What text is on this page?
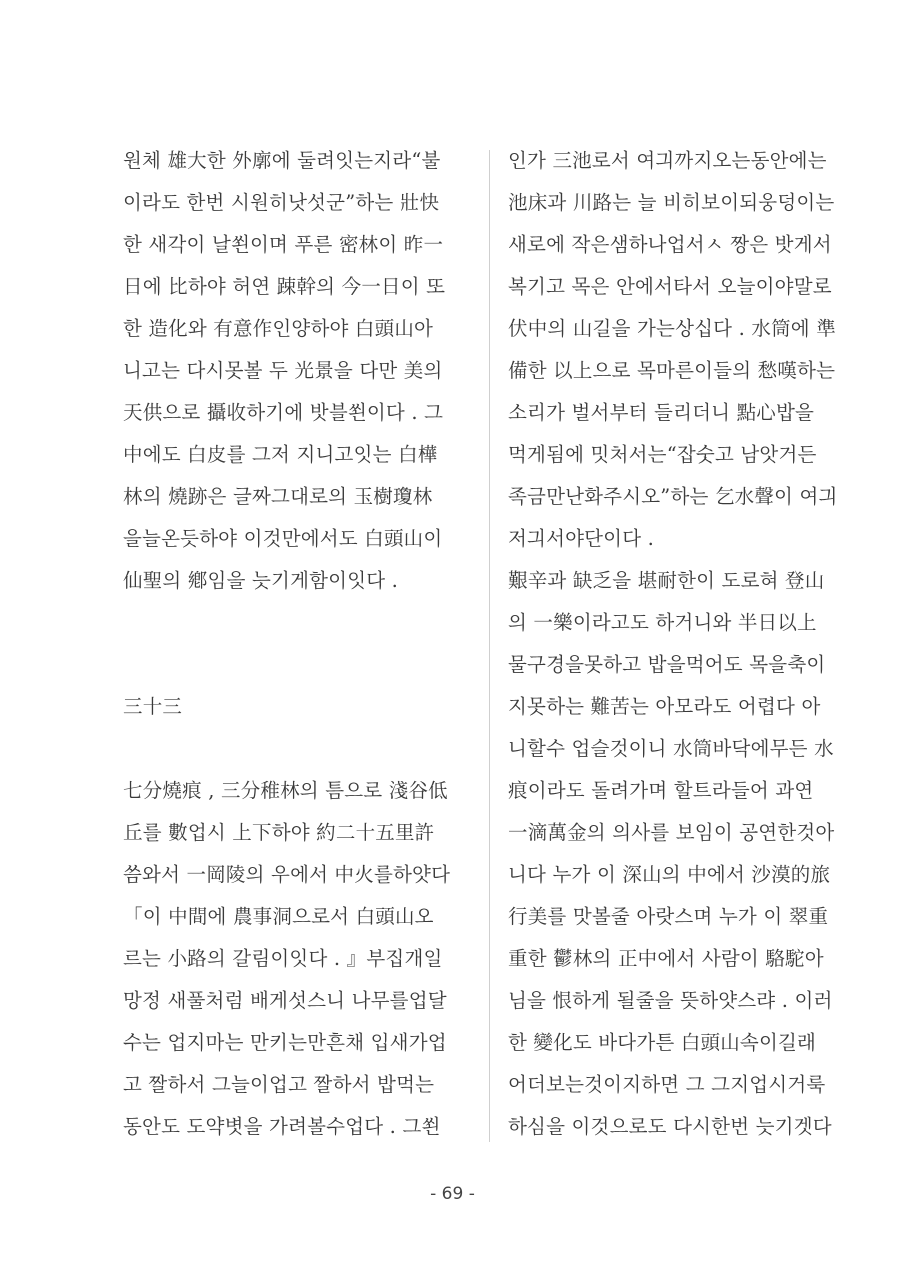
원체 雄大한 外廓에 둘려잇는지라“불
이라도 한번 시원히낫섯군”하는 壯快
한 새각이 날쐰이며 푸른 密林이 昨一
日에 比하야 허연 踈幹의 今一日이 또
한 造化와 有意作인양하야 白頭山아
니고는 다시못볼 두 光景을 다만 美의
天供으로 攝收하기에 밧블쐰이다 . 그
中에도 白皮를 그저 지니고잇는 白樺
林의 燒跡은 글짜그대로의 玉樹瓊林
을늘온듯하야 이것만에서도 白頭山이
仙聖의 鄕임을 늣기게함이잇다 .
三十三
七分燒痕 , 三分稚林의 틈으로 淺谷低
丘를 數업시 上下하야 約二十五里許
씀와서 一岡陵의 우에서 中火를하얏다
「이 中間에 農事洞으로서 白頭山오
르는 小路의 갈림이잇다 . 』부집개일
망정 새풀처럼 배게섯스니 나무를업달
수는 업지마는 만키는만흔채 입새가업
고 짤하서 그늘이업고 짤하서 밥먹는
동안도 도약볏을 가려볼수업다 . 그쐰
인가 三池로서 여긔까지오는동안에는
池床과 川路는 늘 비히보이되웅덩이는
새로에 작은샘하나업서ㅅ 짱은 밧게서
복기고 목은 안에서타서 오늘이야말로
伏中의 山길을 가는상십다 . 水筒에 準
備한 以上으로 목마른이들의 愁嘆하는
소리가 벌서부터 들리더니 點心밥을
먹게됨에 밋처서는“잡숫고 남앗거든
족금만난화주시오”하는 乞水聲이 여긔
저긔서야단이다 .
艱辛과 缺乏을 堪耐한이 도로혀 登山
의 一樂이라고도 하거니와 半日以上
물구경을못하고 밥을먹어도 목을축이
지못하는 難苦는 아모라도 어렵다 아
니할수 업슬것이니 水筒바닥에무든 水
痕이라도 돌려가며 할트라들어 과연
一滴萬金의 의사를 보임이 공연한것아
니다 누가 이 深山의 中에서 沙漠的旅
行美를 맛볼줄 아랏스며 누가 이 翠重
重한 鬱林의 正中에서 사람이 駱駝아
님을 恨하게 될줄을 뜻하얏스랴 . 이러
한 變化도 바다가튼 白頭山속이길래
어더보는것이지하면 그 그지업시거룩
하심을 이것으로도 다시한번 늣기겟다
- 69 -
